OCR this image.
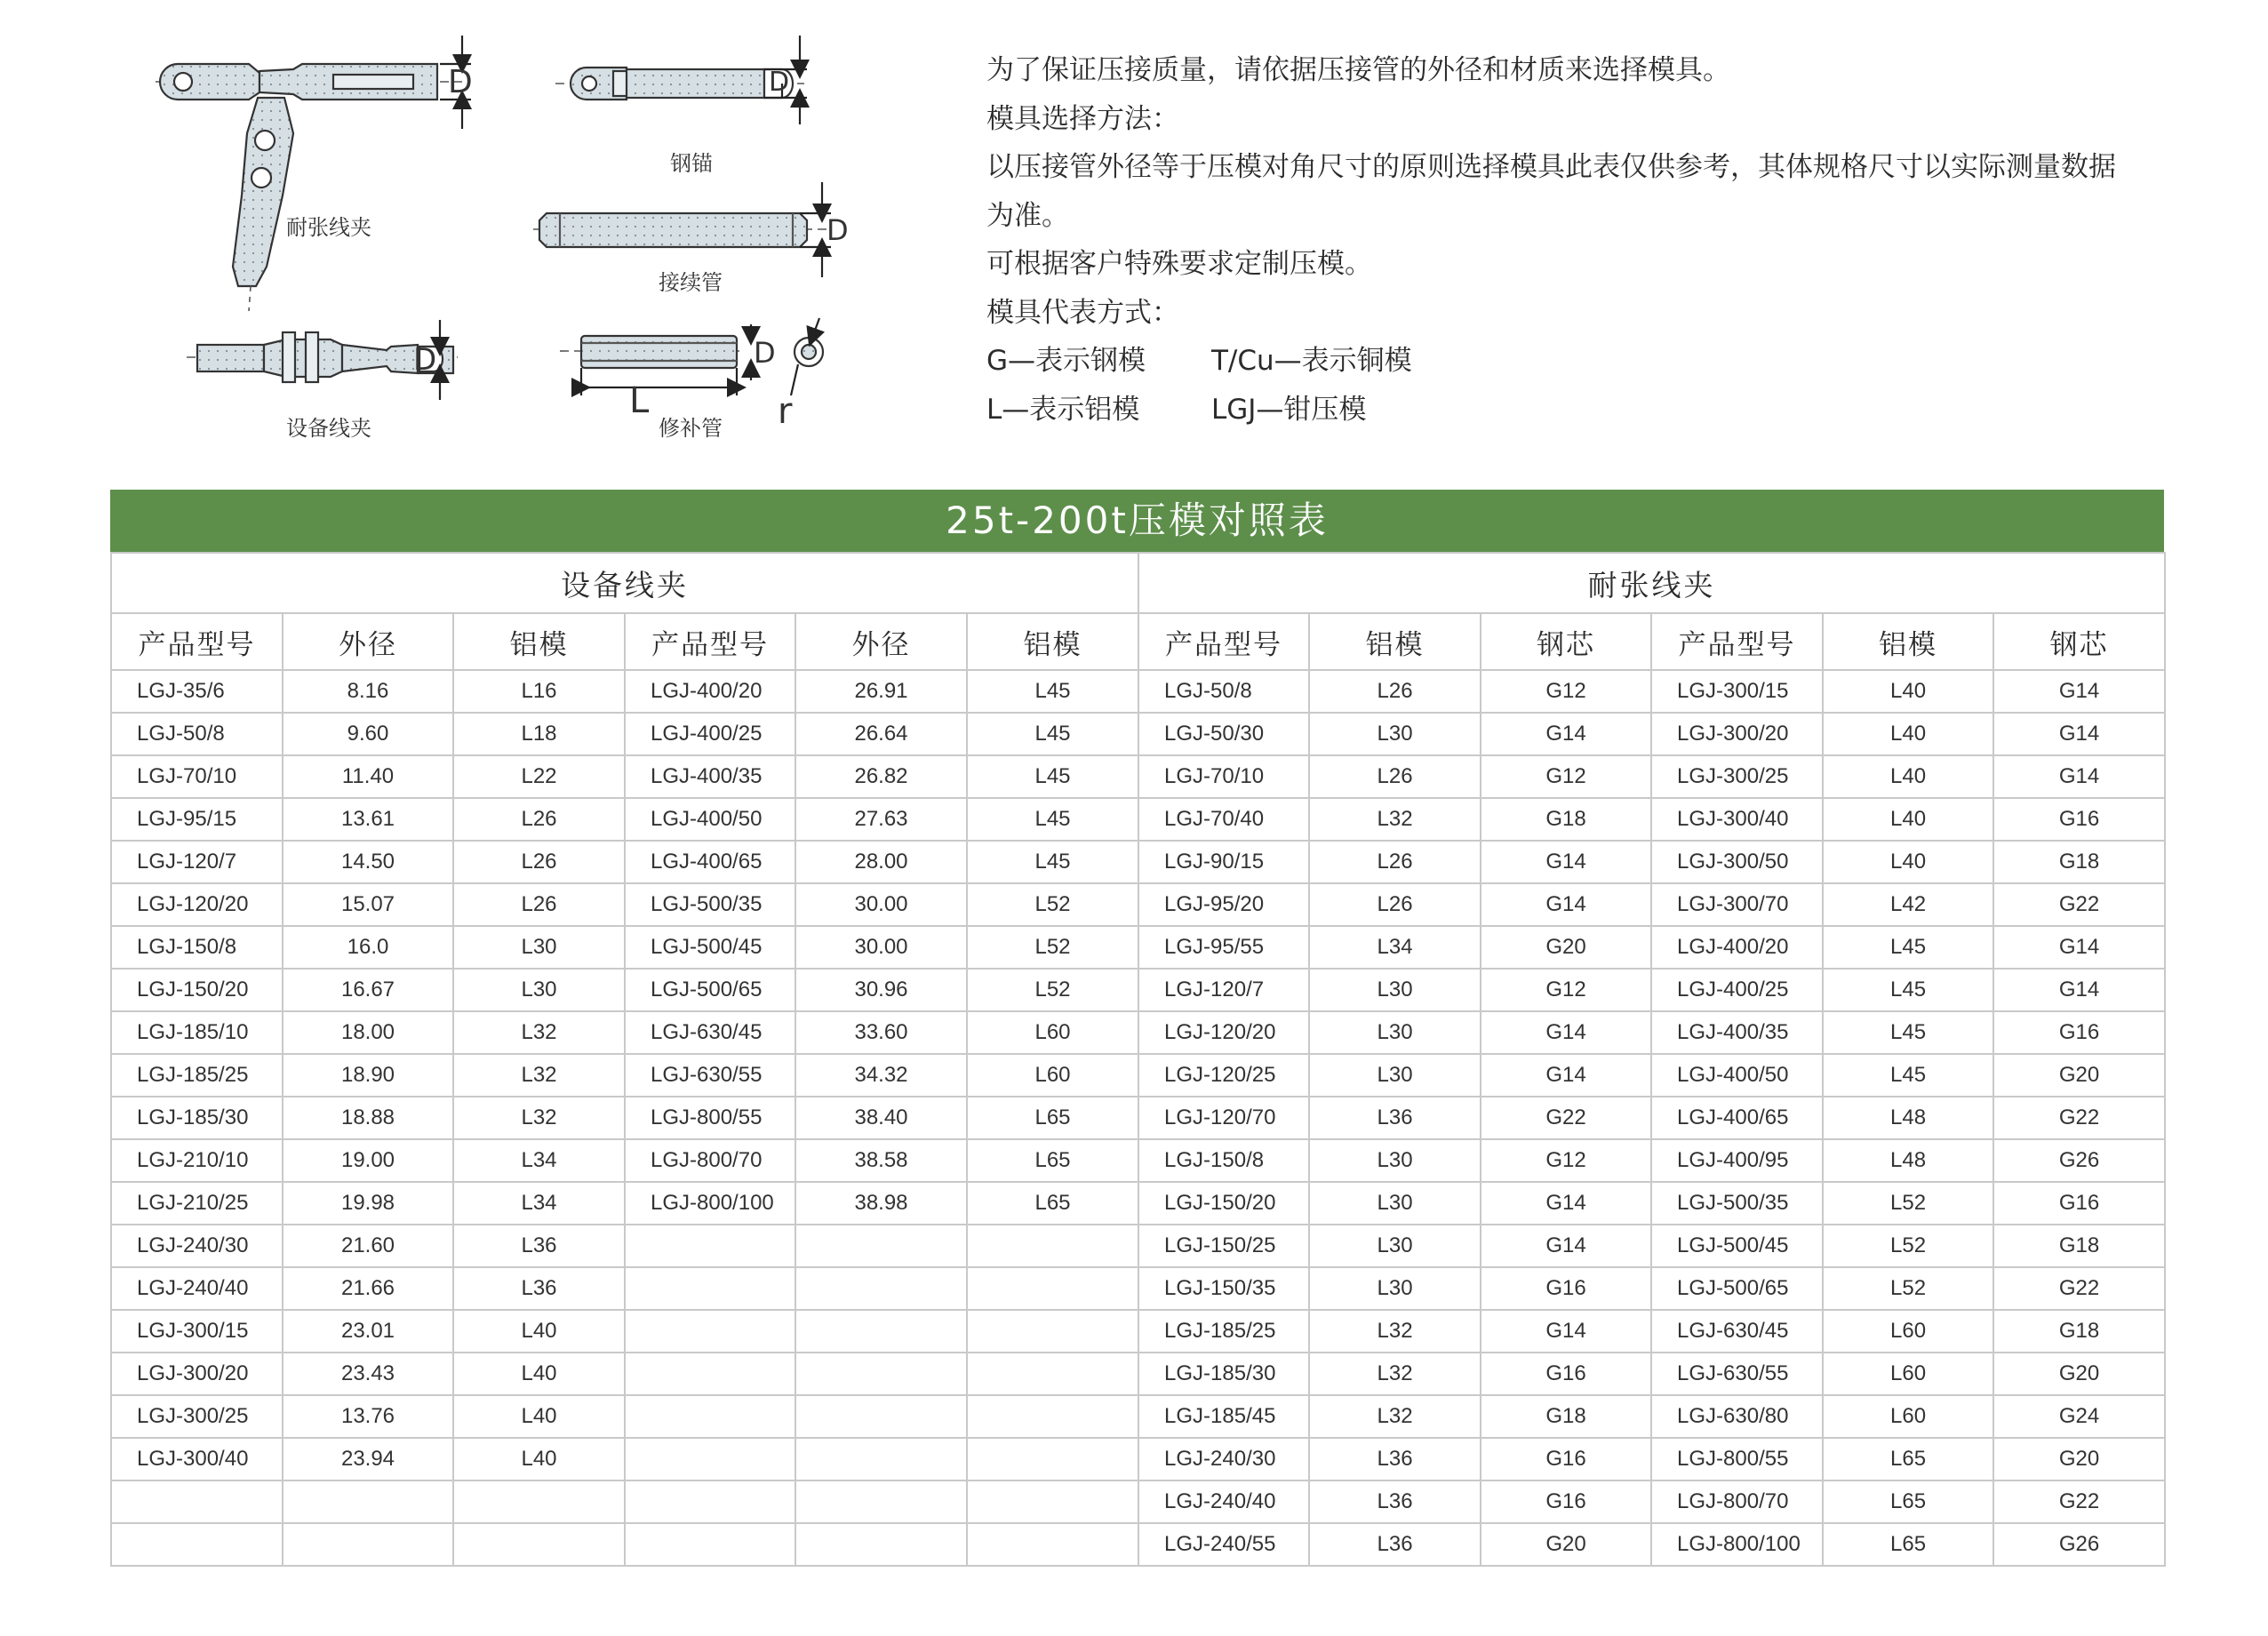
D	D
D
D	D
L	r
耐张线夹
钢锚
接续管
设备线夹	修补管
为了保证压接质量，请依据压接管的外径和材质来选择模具。
模具选择方法：
以压接管外径等于压模对角尺寸的原则选择模具此表仅供参考，其体规格尺寸以实际测量数据
为准。
可根据客户特殊要求定制压模。
模具代表方式：
G—表示钢模 T/Cu—表示铜模
L—表示铝模	LGJ—钳压模
25t-200t压模对照表
设备线夹						耐张线夹					
产品型号	外径	铝模	产品型号	外径	铝模	产品型号	铝模	钢芯	产品型号	铝模	钢芯
LGJ-35/6	8.16	L16	LGJ-400/20	26.91	L45	LGJ-50/8	L26	G12	LGJ-300/15	L40	G14
LGJ-50/8	9.60	L18	LGJ-400/25	26.64	L45	LGJ-50/30	L30	G14	LGJ-300/20	L40	G14
LGJ-70/10	11.40	L22	LGJ-400/35	26.82	L45	LGJ-70/10	L26	G12	LGJ-300/25	L40	G14
LGJ-95/15	13.61	L26	LGJ-400/50	27.63	L45	LGJ-70/40	L32	G18	LGJ-300/40	L40	G16
LGJ-120/7	14.50	L26	LGJ-400/65	28.00	L45	LGJ-90/15	L26	G14	LGJ-300/50	L40	G18
LGJ-120/20	15.07	L26	LGJ-500/35	30.00	L52	LGJ-95/20	L26	G14	LGJ-300/70	L42	G22
LGJ-150/8	16.0	L30	LGJ-500/45	30.00	L52	LGJ-95/55	L34	G20	LGJ-400/20	L45	G14
LGJ-150/20	16.67	L30	LGJ-500/65	30.96	L52	LGJ-120/7	L30	G12	LGJ-400/25	L45	G14
LGJ-185/10	18.00	L32	LGJ-630/45	33.60	L60	LGJ-120/20	L30	G14	LGJ-400/35	L45	G16
LGJ-185/25	18.90	L32	LGJ-630/55	34.32	L60	LGJ-120/25	L30	G14	LGJ-400/50	L45	G20
LGJ-185/30	18.88	L32	LGJ-800/55	38.40	L65	LGJ-120/70	L36	G22	LGJ-400/65	L48	G22
LGJ-210/10	19.00	L34	LGJ-800/70	38.58	L65	LGJ-150/8	L30	G12	LGJ-400/95	L48	G26
LGJ-210/25	19.98	L34	LGJ-800/100	38.98	L65	LGJ-150/20	L30	G14	LGJ-500/35	L52	G16
LGJ-240/30	21.60	L36				LGJ-150/25	L30	G14	LGJ-500/45	L52	G18
LGJ-240/40	21.66	L36				LGJ-150/35	L30	G16	LGJ-500/65	L52	G22
LGJ-300/15	23.01	L40				LGJ-185/25	L32	G14	LGJ-630/45	L60	G18
LGJ-300/20	23.43	L40				LGJ-185/30	L32	G16	LGJ-630/55	L60	G20
LGJ-300/25	13.76	L40				LGJ-185/45	L32	G18	LGJ-630/80	L60	G24
LGJ-300/40	23.94	L40				LGJ-240/30	L36	G16	LGJ-800/55	L65	G20
						LGJ-240/40	L36	G16	LGJ-800/70	L65	G22
						LGJ-240/55	L36	G20	LGJ-800/100	L65	G26
